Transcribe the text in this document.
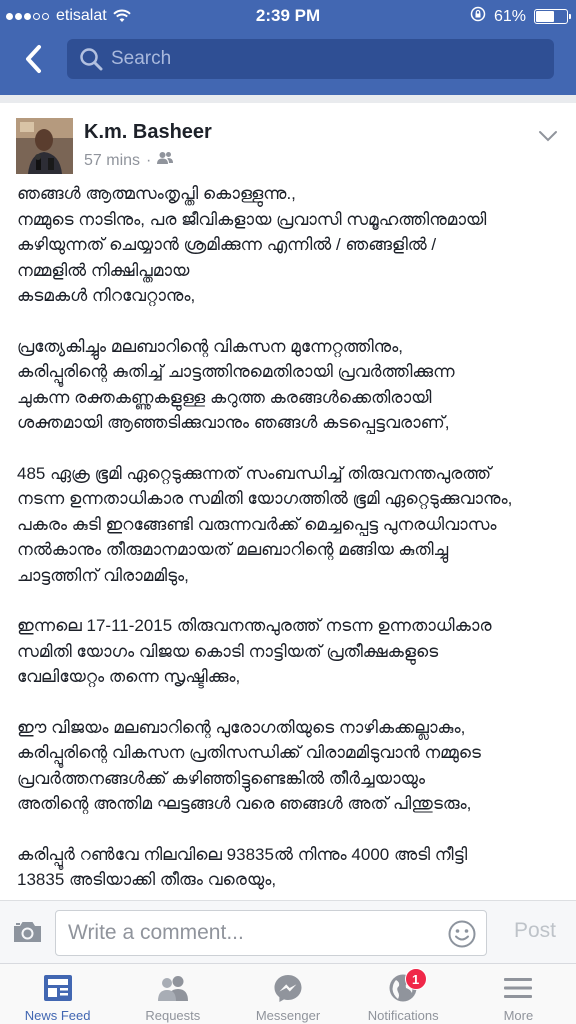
etisalat	2:39 PM	61%
Search
K.m. Basheer
57 mins ·

ഞങ്ങൾ ആത്മസംതൃപ്തി കൊള്ളുന്നു.,
നമ്മുടെ നാടിനും, പര ജീവികളായ പ്രവാസി സമൂഹത്തിനുമായി
കഴിയുന്നത് ചെയ്യാൻ ശ്രമിക്കുന്ന എന്നിൽ / ഞങ്ങളിൽ /
നമ്മളിൽ നിക്ഷിപ്തമായ
കടമകൾ നിറവേറ്റാനും,

പ്രത്യേകിച്ചും മലബാറിന്റെ വികസന മുന്നേറ്റത്തിനും,
കരിപ്പൂരിന്റെ കുതിച്ച് ചാട്ടത്തിനുമെതിരായി പ്രവർത്തിക്കുന്ന
ചുകന്ന രക്തകണ്ണുകളുള്ള കറുത്ത കരങ്ങൾക്കെതിരായി
ശക്തമായി ആഞ്ഞടിക്കുവാനും ഞങ്ങൾ കടപ്പെട്ടവരാണ്,

485 ഏക്ര ഭൂമി ഏറ്റെടുക്കുന്നത് സംബന്ധിച്ച് തിരുവനന്തപുരത്ത്
നടന്ന ഉന്നതാധികാര സമിതി യോഗത്തിൽ ഭൂമി ഏറ്റെടുക്കുവാനും,
പകരം കുടി ഇറങ്ങേണ്ടി വരുന്നവർക്ക് മെച്ചപ്പെട്ട പുനരധിവാസം
നൽകാനും തീരുമാനമായത് മലബാറിന്റെ മങ്ങിയ കുതിച്ചു
ചാട്ടത്തിന് വിരാമമിടും,

ഇന്നലെ 17-11-2015 തിരുവനന്തപുരത്ത് നടന്ന ഉന്നതാധികാര
സമിതി യോഗം വിജയ കൊടി നാട്ടിയത് പ്രതീക്ഷകളുടെ
വേലിയേറ്റം തന്നെ സൃഷ്ടിക്കും,

ഈ വിജയം മലബാറിന്റെ പുരോഗതിയുടെ നാഴികക്കല്ലാകും,
കരിപ്പൂരിന്റെ വികസന പ്രതിസന്ധിക്ക് വിരാമമിടുവാൻ നമ്മുടെ
പ്രവർത്തനങ്ങൾക്ക് കഴിഞ്ഞിട്ടുണ്ടെങ്കിൽ തീർച്ചയായും
അതിന്റെ അന്തിമ ഘട്ടങ്ങൾ വരെ ഞങ്ങൾ അത് പിന്തുടരും,

കരിപ്പൂർ റൺവേ നിലവിലെ 93835ൽ നിന്നും 4000 അടി നീട്ടി
13835 അടിയാക്കി തീരും വരെയും,

Write a comment...
Post
News Feed	Requests	Messenger	Notifications
1
More
